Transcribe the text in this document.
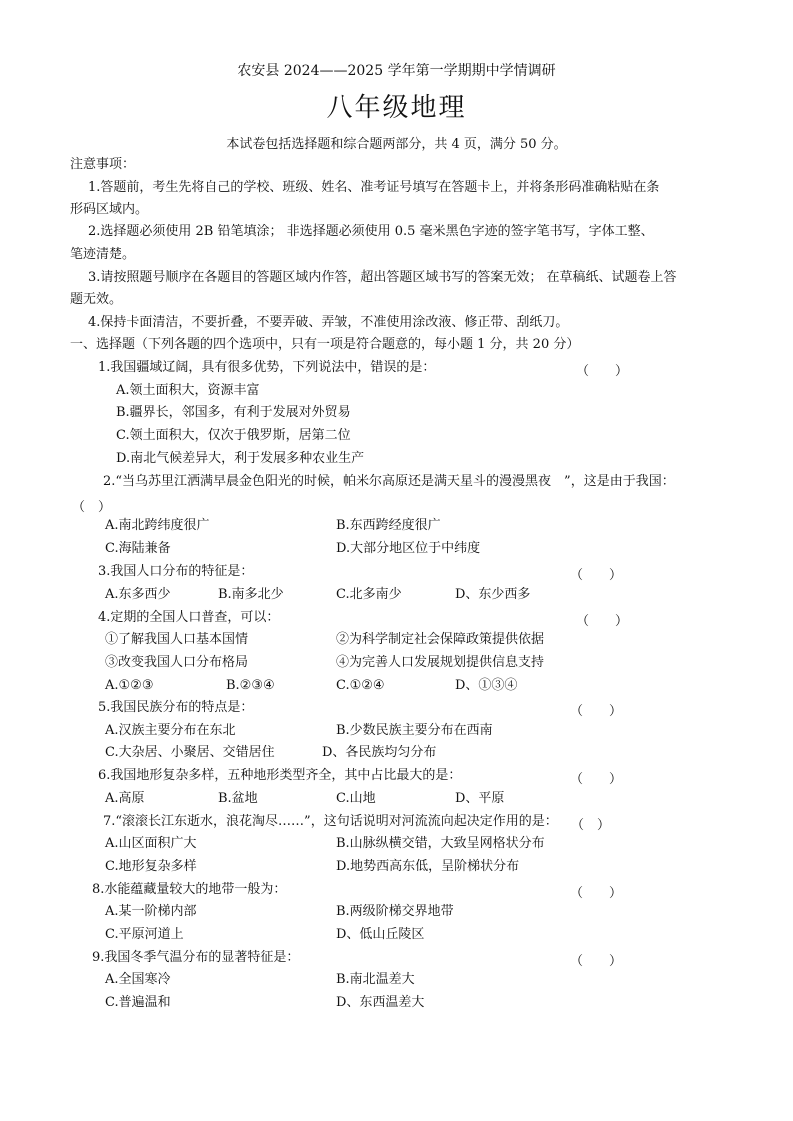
农安县 2024——2025 学年第一学期期中学情调研
八年级地理
本试卷包括选择题和综合题两部分，共 4 页，满分 50 分。
注意事项：
1.答题前，考生先将自己的学校、班级、姓名、准考证号填写在答题卡上，并将条形码准确粘贴在条
形码区域内。
2.选择题必须使用 2B 铅笔填涂； 非选择题必须使用 0.5 毫米黑色字迹的签字笔书写，字体工整、
笔迹清楚。
3.请按照题号顺序在各题目的答题区域内作答，超出答题区域书写的答案无效； 在草稿纸、试题卷上答
题无效。
4.保持卡面清洁，不要折叠，不要弄破、弄皱，不准使用涂改液、修正带、刮纸刀。
一、选择题（下列各题的四个选项中，只有一项是符合题意的，每小题 1 分，共 20 分）
1.我国疆域辽阔，具有很多优势，下列说法中，错误的是：	（　　）
A.领土面积大，资源丰富
B.疆界长，邻国多，有利于发展对外贸易
C.领土面积大，仅次于俄罗斯，居第二位
D.南北气候差异大，利于发展多种农业生产
2.“当乌苏里江洒满早晨金色阳光的时候，帕米尔高原还是满天星斗的漫漫黑夜　”，这是由于我国：
（　）
A.南北跨纬度很广	B.东西跨经度很广
C.海陆兼备	D.大部分地区位于中纬度
3.我国人口分布的特征是：	（　　）
A.东多西少	B.南多北少	C.北多南少	D、东少西多
4.定期的全国人口普查，可以：	（　　）
①了解我国人口基本国情	②为科学制定社会保障政策提供依据
③改变我国人口分布格局	④为完善人口发展规划提供信息支持
A.①②③	B.②③④	C.①②④	D、①③④
5.我国民族分布的特点是：	（　　）
A.汉族主要分布在东北	B.少数民族主要分布在西南
C.大杂居、小聚居、交错居住	D、各民族均匀分布
6.我国地形复杂多样，五种地形类型齐全，其中占比最大的是：	（　　）
A.高原	B.盆地	C.山地	D、平原
7.“滚滚长江东逝水，浪花淘尽……”，这句话说明对河流流向起决定作用的是： （　）
A.山区面积广大	B.山脉纵横交错，大致呈网格状分布
C.地形复杂多样	D.地势西高东低，呈阶梯状分布
8.水能蕴藏量较大的地带一般为：	（　　）
A.某一阶梯内部	B.两级阶梯交界地带
C.平原河道上	D、低山丘陵区
9.我国冬季气温分布的显著特征是：	（　　）
A.全国寒冷	B.南北温差大
C.普遍温和	D、东西温差大
